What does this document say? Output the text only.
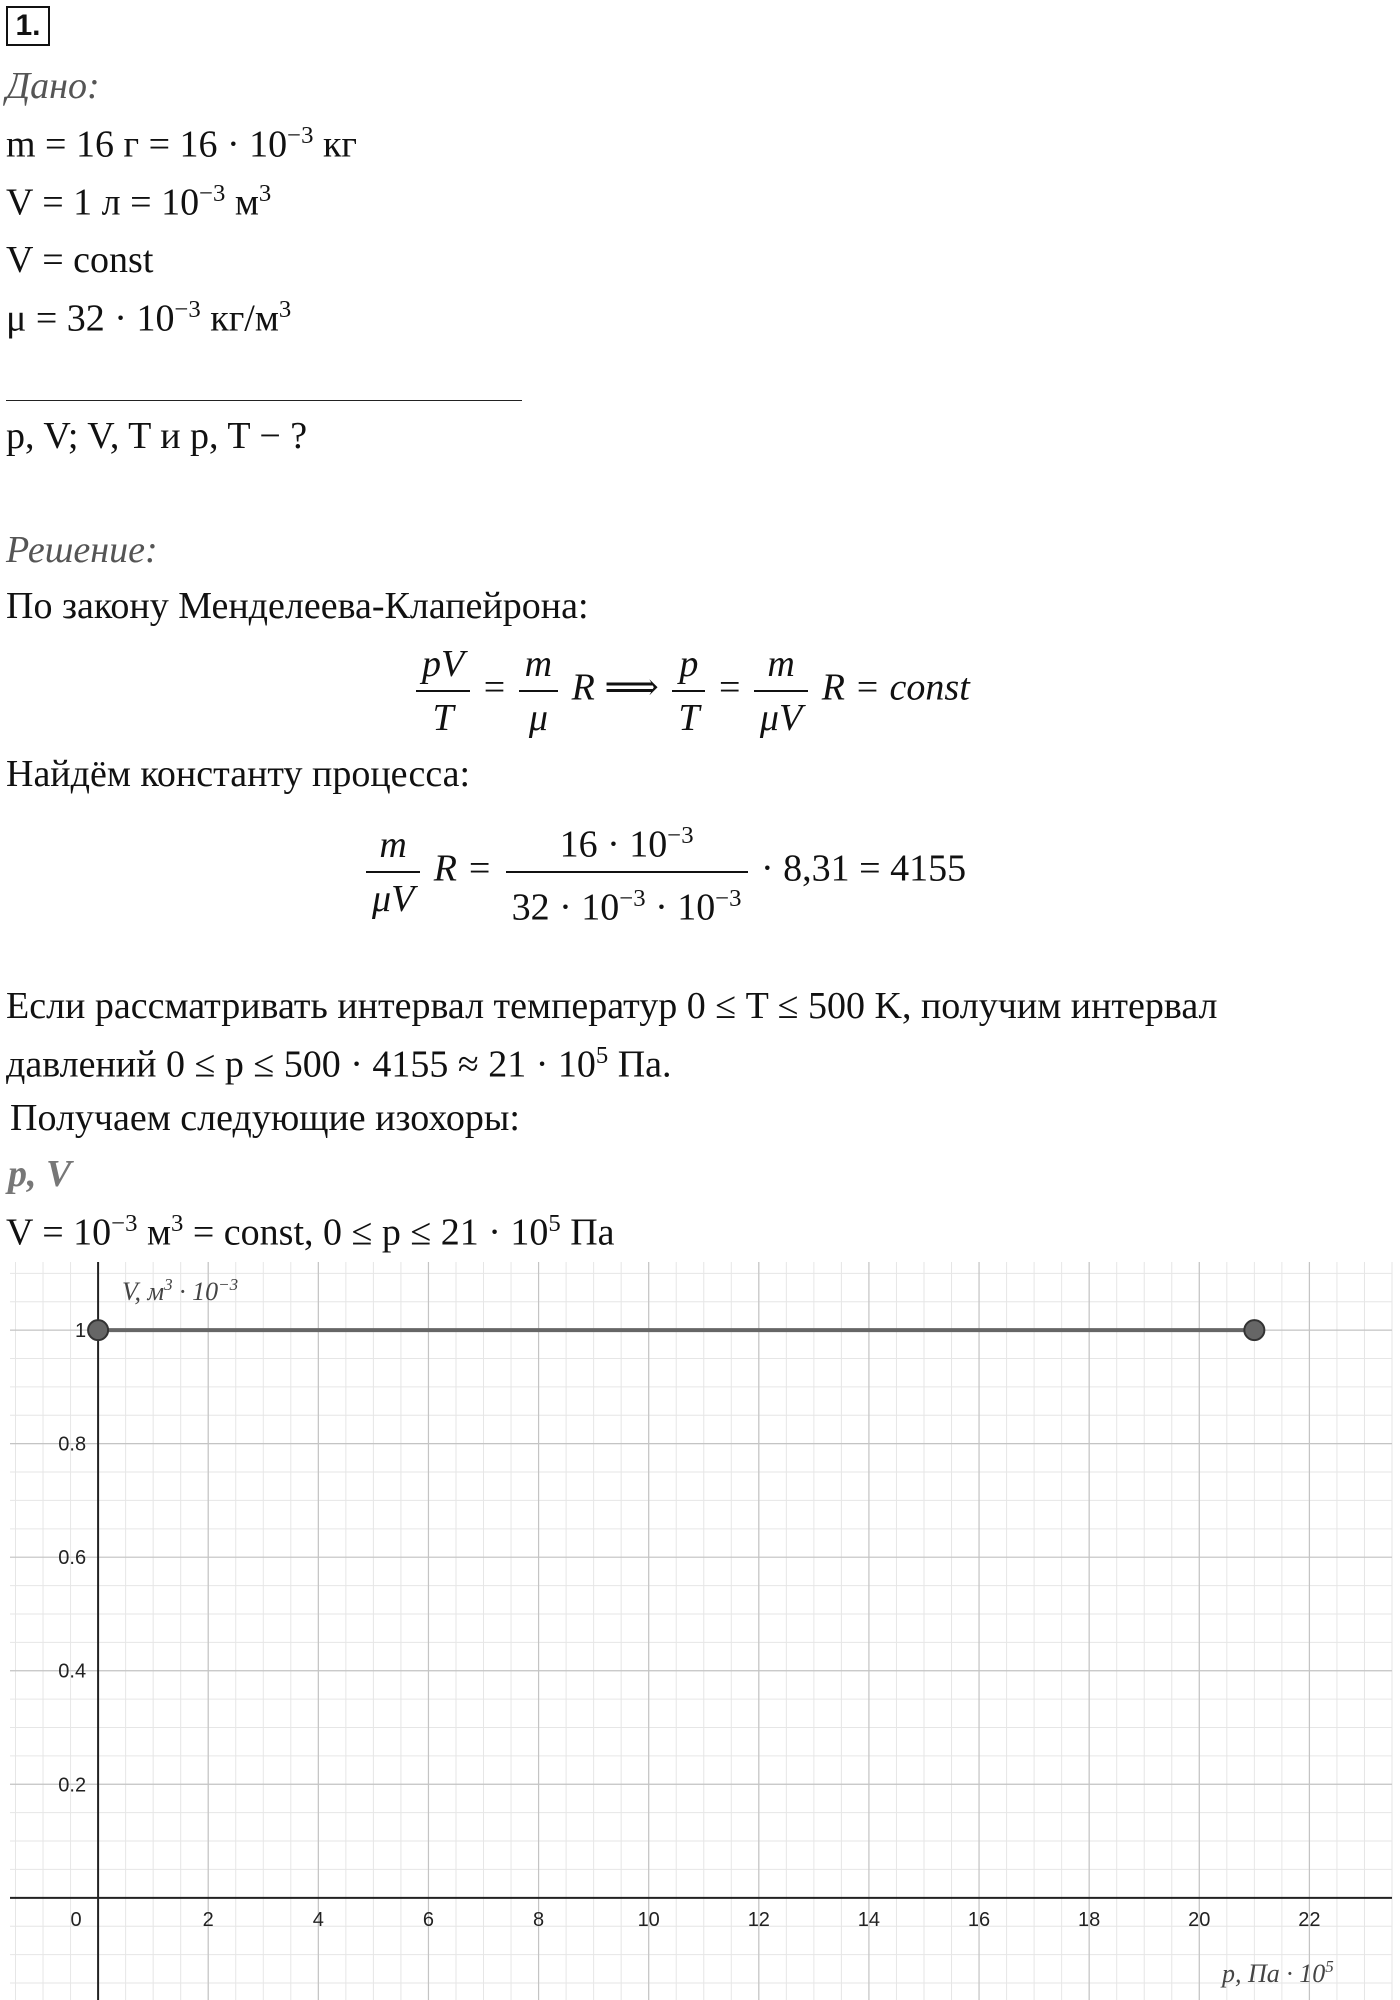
1.
Дано:
m = 16 $г = 16 \cdot 10^{-3}$ кг
V = 1 $л = 10^{-3}$ $м^3$
V = const
$\mu = 32 \cdot 10^{-3}$ $кг/м^3$
p, V; V, T и p, T − ?
Решение:
По закону Менделеева-Клапейрона:
$\frac{pV}{T} = \frac{m}{\mu}$ R ⟹ $\frac{p}{T} = \frac{m}{\mu V}$ R = const
Найдём константу процесса:
$\frac{m}{\mu V}$ $R = \frac{16 \cdot 10^{-3}}{32 \cdot 10^{-3} \cdot 10^{-3}} \cdot 8,31 = 4155$
Если рассматривать интервал температур 0 ≤ T ≤ 500 K, получим интервал
давлений $0 \le p \le 500 \cdot 4155 \approx 21 \cdot 10^5$ Па.
Получаем следующие изохоры:
p, V
$V = 10^{-3}$ $м^3$ = const, $0 \le p \le 21 \cdot 10^5$ Па
0	2	4	6	8	10	12	14	16	18	20	22
0.2
0.4
0.6
0.8
1
V, $м^3 \cdot 10^{-3}$
p, Па · $10^5$
